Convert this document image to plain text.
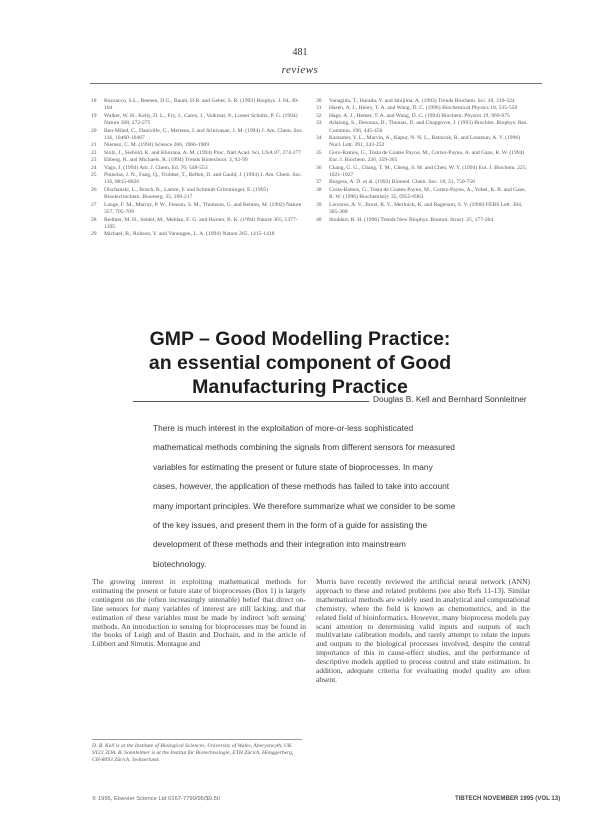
481
reviews
18 Bozzacco, S.L., Reenen, D.G., Baum, D.R. and Geber, S. R. (1993) Biophys. J. 64, 49-104
19 Walker, W. H., Kelly, D. L., Fry, J., Carey, J., Volkmar, P., Lusser Schultz, P. G. (1994) Nature 368, 272-275
20 Ben-Miled, C., Daniville, C., Mertens, J. and Srinivasan, J. M. (1994) J. Am. Chem. Soc. 116, 10460-10467
21 Niemez, C. M. (1994) Science 266, 1966-1969
22 Stolz, J., Siebold, K. and Khorana, A. M. (1994) Proc. Natl Acad. Sci. USA 87, 274-277
23 Ebberg, R. and Michaels, R. (1994) Trends Biotechnol. 3, 92-99
24 Vago, J. (1994) Am. J. Chem. Ed. 70, 548-553
25 Pinnelas, J. N., Fang, Q., Trobber, T., Reflen, D. and Gauld, J. (1994) J. Am. Chem. Soc. 116, 8815-8826
26 Olschanski, L., Bosch, R., Lamm, F. and Schmidt-Grimminger, E. (1995) Bioelectrochem. Bioenerg. 35, 209-217
27 Lange, F. M., Murray, P. W., Fenson, S. M., Thomson, G. and Benton, M. (1992) Nature 357, 705-709
28 Redmer, M. H., Seidel, M., Mehlan, E. G. and Horner, B. K. (1994) Nature 365, 1377-1395
29 Michael, B., Robson, Y. and Vannugen, L. A. (1994) Nature 265, 1415-1418
30 Yanagida, T., Harada, Y. and Ishijima, A. (1993) Trends Biochem. Sci. 18, 319-324
31 Hasen, A. J., Henry, T. A. and Wang, D. C. (1996) Biochemical Physics 18, 535-550
32 Hage, A. J., Hemer, T. A. and Wang, D. C. (1994) Biochem. Physics 19, 969-975
33 Adalong, S., Desouza, D., Thomas, D. and Chapgrove, J. (1993) Biochim. Biophys. Res. Commun. 196, 445-450
34 Kastamer, Y. L., Marvin, A., Kapur, N. N. L., Ratnicsk, R. and Lesatsun, A. V. (1996) Nucl. Lett. 391, 243-252
35 Goro-Ramos, G., Tosta de Coates Payno, M., Cortez-Payno, A. and Gaze, R. W. (1994) Eur. J. Biochem. 226, 359-365
36 Chang, G. G., Chang, T. M., Cheng, S. M. and Chen, W. Y. (1994) Eur. J. Biochem. 225, 1021-1027
37 Burgess, A. D. et al. (1993) Biomed. Chem. Soc. 18, 31, 750-758
38 Costa-Ramos, G., Tosta de Coates-Payno, M., Cortez-Payno, A., Yubel, K. B. and Gaze, R. W. (1996) Biochemistry 35, 6955-6963
39 Lievaros, A. V., Borst, R. V., Merlnick, K. and Ragerson, S. V. (1996) FEBS Lett. 384, 385-388
40 Stoddart, R. H. (1996) Trends New Biophys. Biomol. Struct. 25, 177-204
GMP – Good Modelling Practice:
an essential component of Good
Manufacturing Practice
Douglas B. Kell and Bernhard Sonnleitner

There is much interest in the exploitation of more-or-less sophisticated mathematical methods combining the signals from different sensors for measured variables for estimating the present or future state of bioprocesses. In many cases, however, the application of these methods has failed to take into account many important principles. We therefore summarize what we consider to be some of the key issues, and present them in the form of a guide for assisting the development of these methods and their integration into mainstream biotechnology.

The growing interest in exploiting mathematical methods for estimating the present or future state of bioprocesses (Box 1) is largely contingent on the (often increasingly untenable) belief that direct on-line sensors for many variables of interest are still lacking, and that estimation of these variables must be made by indirect 'soft sensing' methods. An introduction to sensing for bioprocesses may be found in the books of Leigh and of Bastin and Dochain, and in the article of Lübbert and Simutis. Montague and

Morris have recently reviewed the artificial neural network (ANN) approach to these and related problems (see also Refs 11-13). Similar mathematical methods are widely used in analytical and computational chemistry, where the field is known as chemometrics, and in the related field of bioinformatics. However, many bioprocess models pay scant attention to determining valid inputs and outputs of such multivariate calibration models, and rarely attempt to relate the inputs and outputs to the biological processes involved, despite the central importance of this in cause-effect studies, and the performance of descriptive models applied to process control and state estimation. In addition, adequate criteria for evaluating model quality are often absent.

D. B. Kell is at the Institute of Biological Sciences, University of Wales, Aberystwyth, UK SY23 3DA. B. Sonnleitner is at the Institut für Biotechnologie, ETH Zürich, Hönggerberg, CH-8093 Zürich, Switzerland.
© 1995, Elsevier Science Ltd 0167-7799/95/$9.50	TIBTECH NOVEMBER 1995 (VOL 13)
